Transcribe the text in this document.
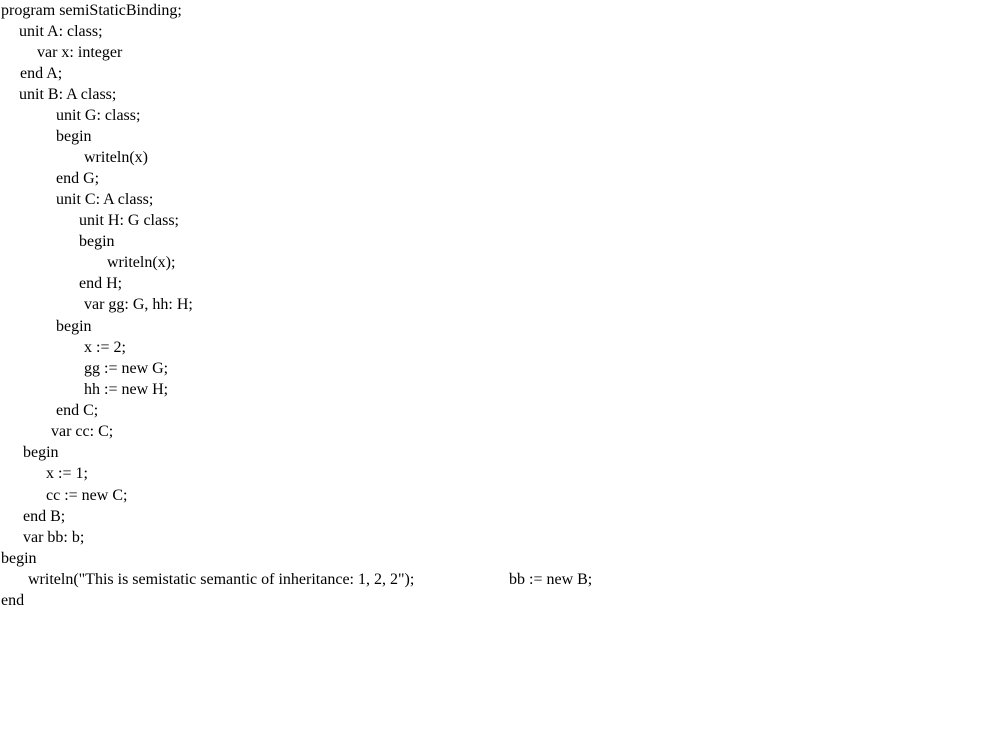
program semiStaticBinding;
unit A: class;
var x: integer
end A;
unit B: A class;
unit G: class;
begin
writeln(x)
end G;
unit C: A class;
unit H: G class;
begin
writeln(x);
end H;
var gg: G, hh: H;
begin
x := 2;
gg := new G;
hh := new H;
end C;
var cc: C;
begin
x := 1;
cc := new C;
end B;
var bb: b;
begin
writeln("This is semistatic semantic of inheritance: 1, 2, 2");	bb := new B;
end
